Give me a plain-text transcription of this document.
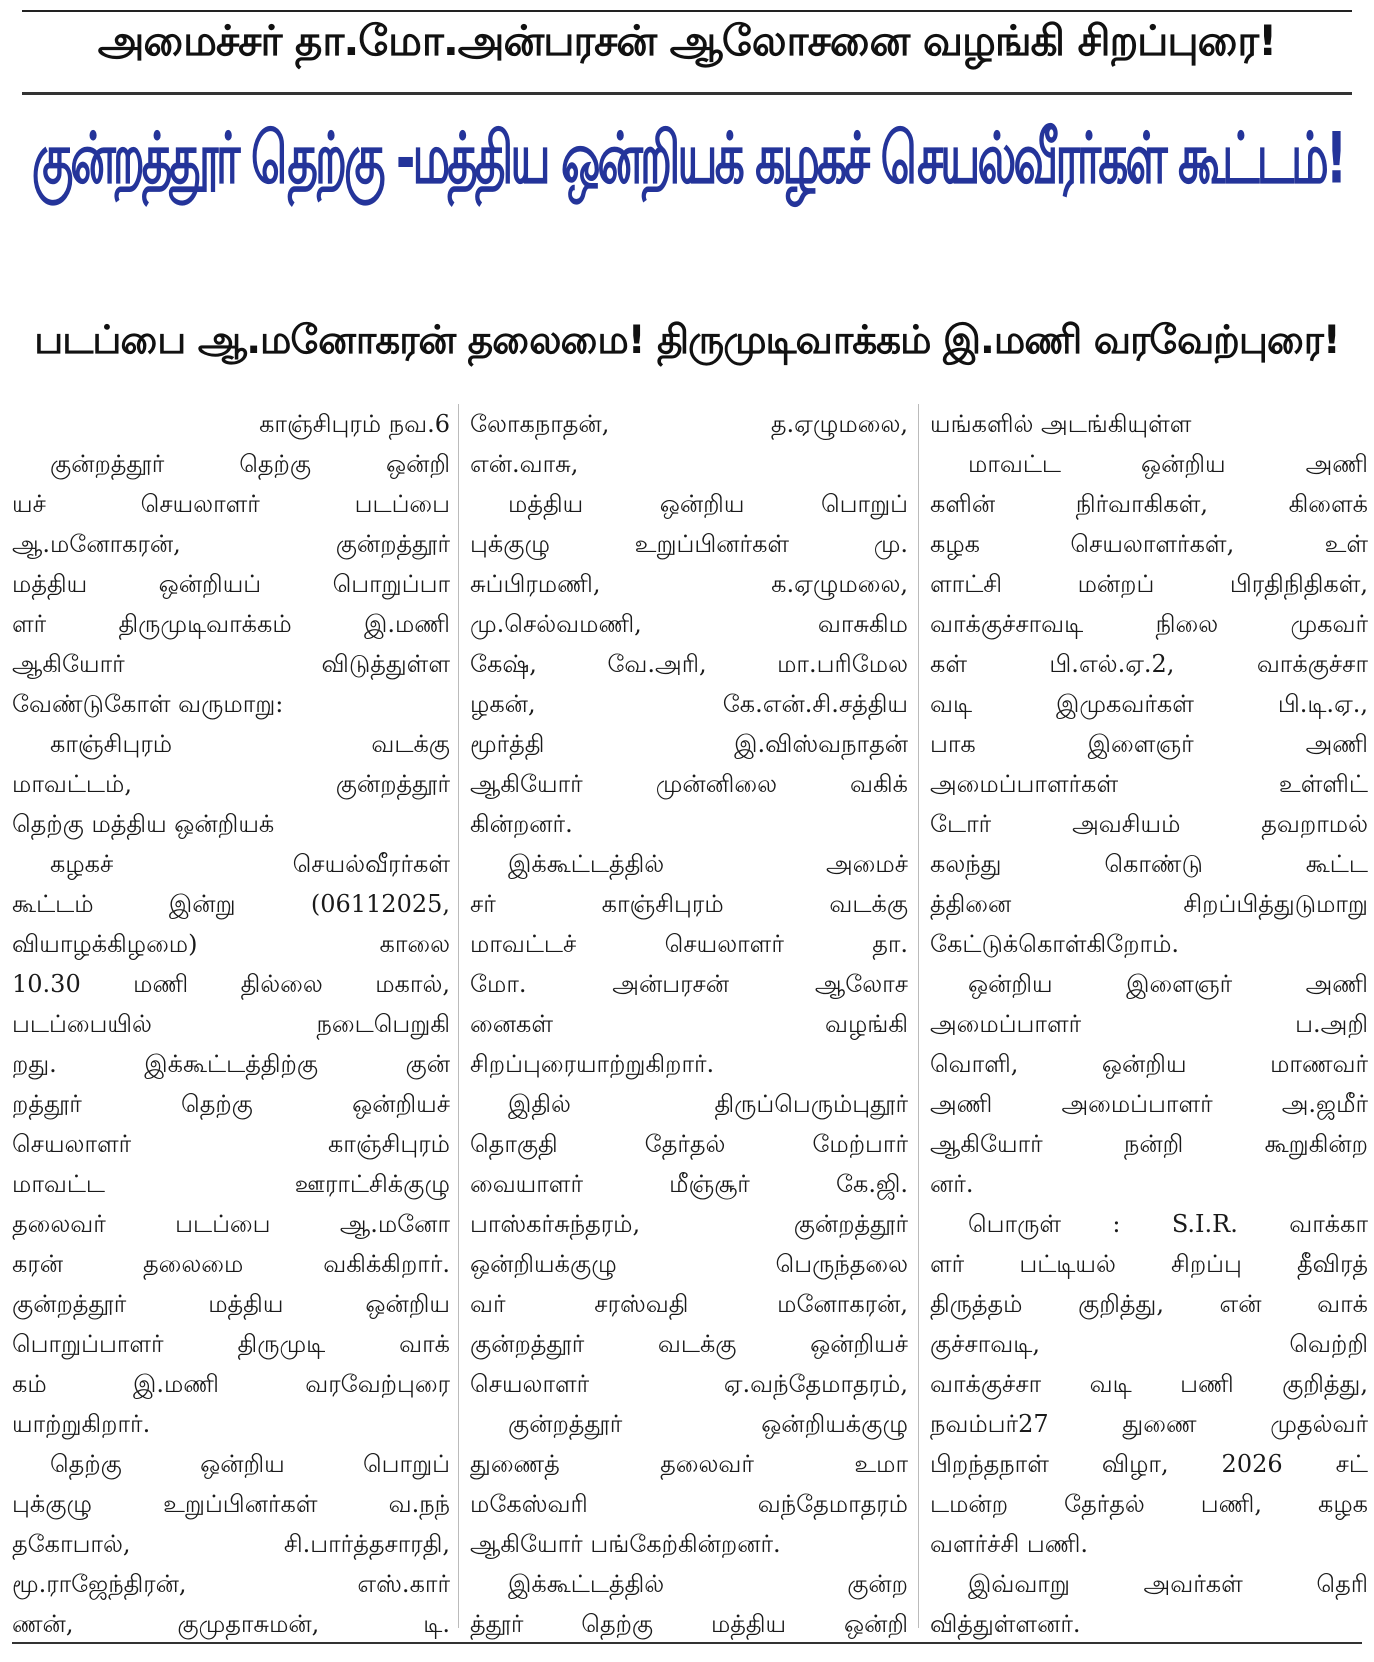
அமைச்சர் தா.மோ.அன்பரசன் ஆலோசனை வழங்கி சிறப்புரை!
குன்றத்தூர் தெற்கு -மத்திய ஒன்றியக் கழகச் செயல்வீரர்கள் கூட்டம்!
படப்பை ஆ.மனோகரன் தலைமை! திருமுடிவாக்கம் இ.மணி வரவேற்புரை!
காஞ்சிபுரம் நவ.6
குன்றத்தூர் தெற்கு ஒன்றி
யச் செயலாளர் படப்பை
ஆ.மனோகரன், குன்றத்தூர்
மத்திய ஒன்றியப் பொறுப்பா
ளர் திருமுடிவாக்கம் இ.மணி
ஆகியோர் விடுத்துள்ள
வேண்டுகோள் வருமாறு:
காஞ்சிபுரம் வடக்கு
மாவட்டம், குன்றத்தூர்
தெற்கு மத்திய ஒன்றியக்
கழகச் செயல்வீரர்கள்
கூட்டம் இன்று (06112025,
வியாழக்கிழமை) காலை
10.30 மணி தில்லை மகால்,
படப்பையில் நடைபெறுகி
றது. இக்கூட்டத்திற்கு குன்
றத்தூர் தெற்கு ஒன்றியச்
செயலாளர் காஞ்சிபுரம்
மாவட்ட ஊராட்சிக்குழு
தலைவர் படப்பை ஆ.மனோ
கரன் தலைமை வகிக்கிறார்.
குன்றத்தூர் மத்திய ஒன்றிய
பொறுப்பாளர் திருமுடி வாக்
கம் இ.மணி வரவேற்புரை
யாற்றுகிறார்.
தெற்கு ஒன்றிய பொறுப்
புக்குழு உறுப்பினர்கள் வ.நந்
தகோபால், சி.பார்த்தசாரதி,
மூ.ராஜேந்திரன், எஸ்.கார்
ணன், குமுதாசுமன், டி.
லோகநாதன், த.ஏழுமலை,
என்.வாசு,
மத்திய ஒன்றிய பொறுப்
புக்குழு உறுப்பினர்கள் மு.
சுப்பிரமணி, க.ஏழுமலை,
மு.செல்வமணி, வாசுகிம
கேஷ், வே.அரி, மா.பரிமேல
ழகன், கே.என்.சி.சத்திய
மூர்த்தி இ.விஸ்வநாதன்
ஆகியோர் முன்னிலை வகிக்
கின்றனர்.
இக்கூட்டத்தில் அமைச்
சர் காஞ்சிபுரம் வடக்கு
மாவட்டச் செயலாளர் தா.
மோ. அன்பரசன் ஆலோச
னைகள் வழங்கி
சிறப்புரையாற்றுகிறார்.
இதில் திருப்பெரும்புதூர்
தொகுதி தேர்தல் மேற்பார்
வையாளர் மீஞ்சூர் கே.ஜி.
பாஸ்கர்சுந்தரம், குன்றத்தூர்
ஒன்றியக்குழு பெருந்தலை
வர் சரஸ்வதி மனோகரன்,
குன்றத்தூர் வடக்கு ஒன்றியச்
செயலாளர் ஏ.வந்தேமாதரம்,
குன்றத்தூர் ஒன்றியக்குழு
துணைத் தலைவர் உமா
மகேஸ்வரி வந்தேமாதரம்
ஆகியோர் பங்கேற்கின்றனர்.
இக்கூட்டத்தில் குன்ற
த்தூர் தெற்கு மத்திய ஒன்றி
யங்களில் அடங்கியுள்ள
மாவட்ட ஒன்றிய அணி
களின் நிர்வாகிகள், கிளைக்
கழக செயலாளர்கள், உள்
ளாட்சி மன்றப் பிரதிநிதிகள்,
வாக்குச்சாவடி நிலை முகவர்
கள் பி.எல்.ஏ.2, வாக்குச்சா
வடி இமுகவர்கள் பி.டி.ஏ.,
பாக இளைஞர் அணி
அமைப்பாளர்கள் உள்ளிட்
டோர் அவசியம் தவறாமல்
கலந்து கொண்டு கூட்ட
த்தினை சிறப்பித்துடுமாறு
கேட்டுக்கொள்கிறோம்.
ஒன்றிய இளைஞர் அணி
அமைப்பாளர் ப.அறி
வொளி, ஒன்றிய மாணவர்
அணி அமைப்பாளர் அ.ஜமீர்
ஆகியோர் நன்றி கூறுகின்ற
னர்.
பொருள் : S.I.R. வாக்கா
ளர் பட்டியல் சிறப்பு தீவிரத்
திருத்தம் குறித்து, என் வாக்
குச்சாவடி, வெற்றி
வாக்குச்சா வடி பணி குறித்து,
நவம்பர்27 துணை முதல்வர்
பிறந்தநாள் விழா, 2026 சட்
டமன்ற தேர்தல் பணி, கழக
வளர்ச்சி பணி.
இவ்வாறு அவர்கள் தெரி
வித்துள்ளனர்.
